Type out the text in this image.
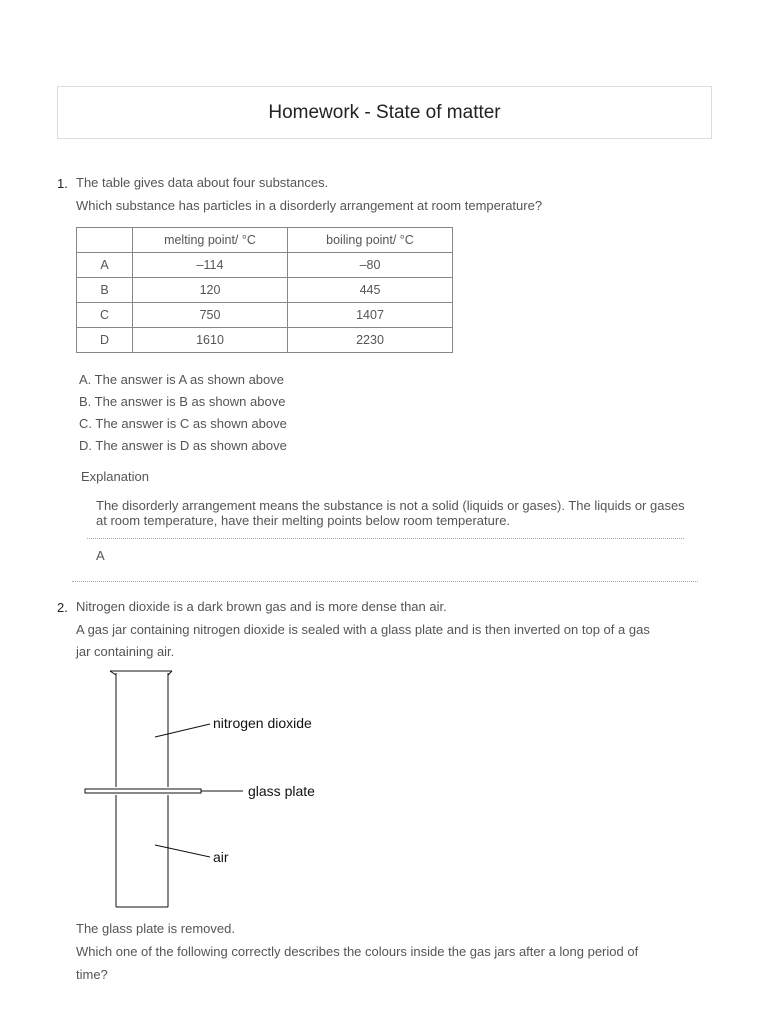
Homework - State of matter
1. The table gives data about four substances.
Which substance has particles in a disorderly arrangement at room temperature?
	melting point/ °C	boiling point/ °C
A	–114	–80
B	120	445
C	750	1407
D	1610	2230
A. The answer is A as shown above
B. The answer is B as shown above
C. The answer is C as shown above
D. The answer is D as shown above
Explanation
The disorderly arrangement means the substance is not a solid (liquids or gases). The liquids or gases at room temperature, have their melting points below room temperature.
A
2. Nitrogen dioxide is a dark brown gas and is more dense than air.
A gas jar containing nitrogen dioxide is sealed with a glass plate and is then inverted on top of a gas
jar containing air.
nitrogen dioxide
glass plate
air
The glass plate is removed.
Which one of the following correctly describes the colours inside the gas jars after a long period of
time?
